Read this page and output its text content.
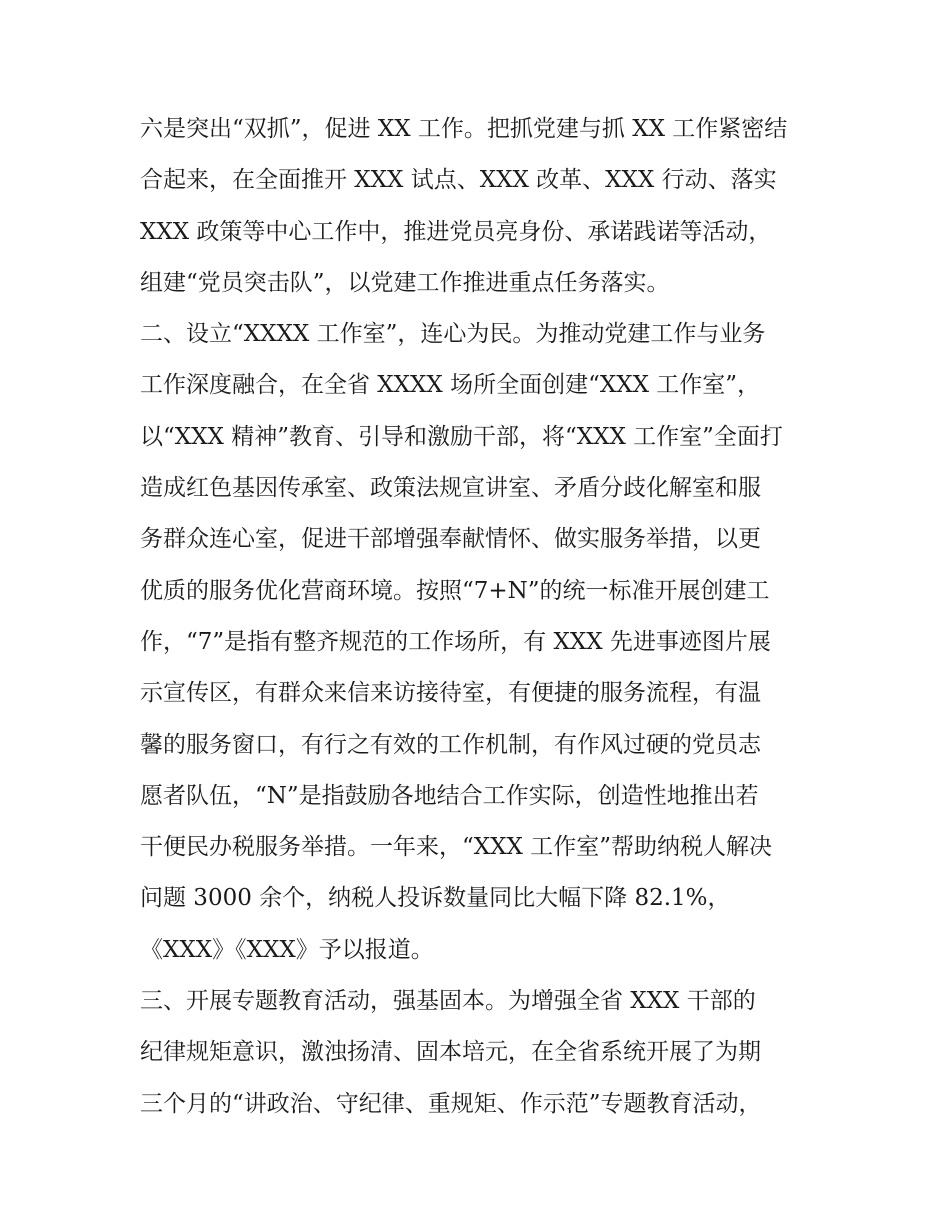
六是突出“双抓”，促进 XX 工作。把抓党建与抓 XX 工作紧密结
合起来，在全面推开 XXX 试点、XXX 改革、XXX 行动、落实
XXX 政策等中心工作中，推进党员亮身份、承诺践诺等活动，
组建“党员突击队”，以党建工作推进重点任务落实。
二、设立“XXXX 工作室”，连心为民。为推动党建工作与业务
工作深度融合，在全省 XXXX 场所全面创建“XXX 工作室”，
以“XXX 精神”教育、引导和激励干部，将“XXX 工作室”全面打
造成红色基因传承室、政策法规宣讲室、矛盾分歧化解室和服
务群众连心室，促进干部增强奉献情怀、做实服务举措，以更
优质的服务优化营商环境。按照“7+N”的统一标准开展创建工
作，“7”是指有整齐规范的工作场所，有 XXX 先进事迹图片展
示宣传区，有群众来信来访接待室，有便捷的服务流程，有温
馨的服务窗口，有行之有效的工作机制，有作风过硬的党员志
愿者队伍，“N”是指鼓励各地结合工作实际，创造性地推出若
干便民办税服务举措。一年来，“XXX 工作室”帮助纳税人解决
问题 3000 余个，纳税人投诉数量同比大幅下降 82.1%，
《XXX》《XXX》予以报道。
三、开展专题教育活动，强基固本。为增强全省 XXX 干部的
纪律规矩意识，激浊扬清、固本培元，在全省系统开展了为期
三个月的“讲政治、守纪律、重规矩、作示范”专题教育活动，
